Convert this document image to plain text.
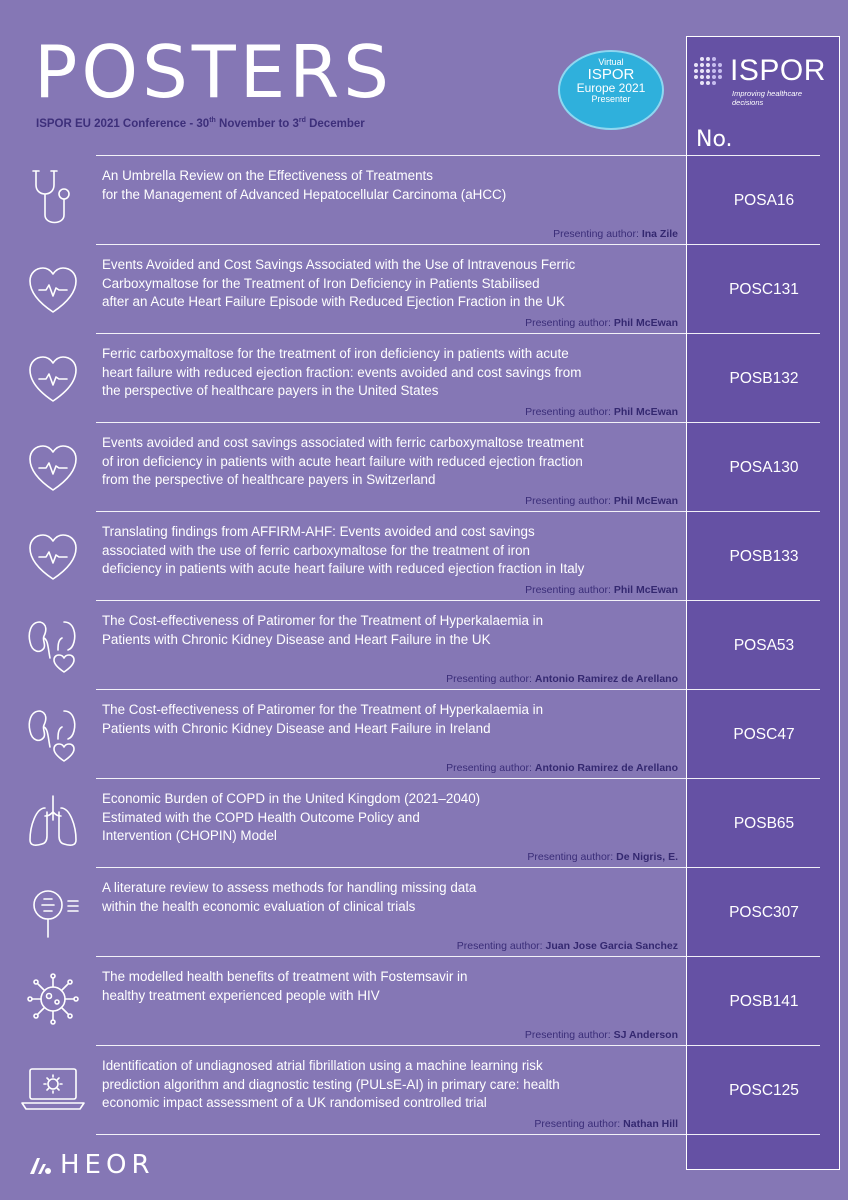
POSTERS
ISPOR EU 2021 Conference - 30th November to 3rd December
Virtual
ISPOR
Europe 2021
Presenter
ISPOR
Improving healthcare decisions
No.
An Umbrella Review on the Effectiveness of Treatments
for the Management of Advanced Hepatocellular Carcinoma (aHCC)
Presenting author: Ina Zile
POSA16
Events Avoided and Cost Savings Associated with the Use of Intravenous Ferric
Carboxymaltose for the Treatment of Iron Deficiency in Patients Stabilised
after an Acute Heart Failure Episode with Reduced Ejection Fraction in the UK
Presenting author: Phil McEwan
POSC131
Ferric carboxymaltose for the treatment of iron deficiency in patients with acute
heart failure with reduced ejection fraction: events avoided and cost savings from
the perspective of healthcare payers in the United States
Presenting author: Phil McEwan
POSB132
Events avoided and cost savings associated with ferric carboxymaltose treatment
of iron deficiency in patients with acute heart failure with reduced ejection fraction
from the perspective of healthcare payers in Switzerland
Presenting author: Phil McEwan
POSA130
Translating findings from AFFIRM-AHF: Events avoided and cost savings
associated with the use of ferric carboxymaltose for the treatment of iron
deficiency in patients with acute heart failure with reduced ejection fraction in Italy
Presenting author: Phil McEwan
POSB133
The Cost-effectiveness of Patiromer for the Treatment of Hyperkalaemia in
Patients with Chronic Kidney Disease and Heart Failure in the UK
Presenting author: Antonio Ramirez de Arellano
POSA53
The Cost-effectiveness of Patiromer for the Treatment of Hyperkalaemia in
Patients with Chronic Kidney Disease and Heart Failure in Ireland
Presenting author: Antonio Ramirez de Arellano
POSC47
Economic Burden of COPD in the United Kingdom (2021–2040)
Estimated with the COPD Health Outcome Policy and
Intervention (CHOPIN) Model
Presenting author: De Nigris, E.
POSB65
A literature review to assess methods for handling missing data
within the health economic evaluation of clinical trials
Presenting author: Juan Jose Garcia Sanchez
POSC307
The modelled health benefits of treatment with Fostemsavir in
healthy treatment experienced people with HIV
Presenting author: SJ Anderson
POSB141
Identification of undiagnosed atrial fibrillation using a machine learning risk
prediction algorithm and diagnostic testing (PULsE-AI) in primary care: health
economic impact assessment of a UK randomised controlled trial
Presenting author: Nathan Hill
POSC125
HEOR
